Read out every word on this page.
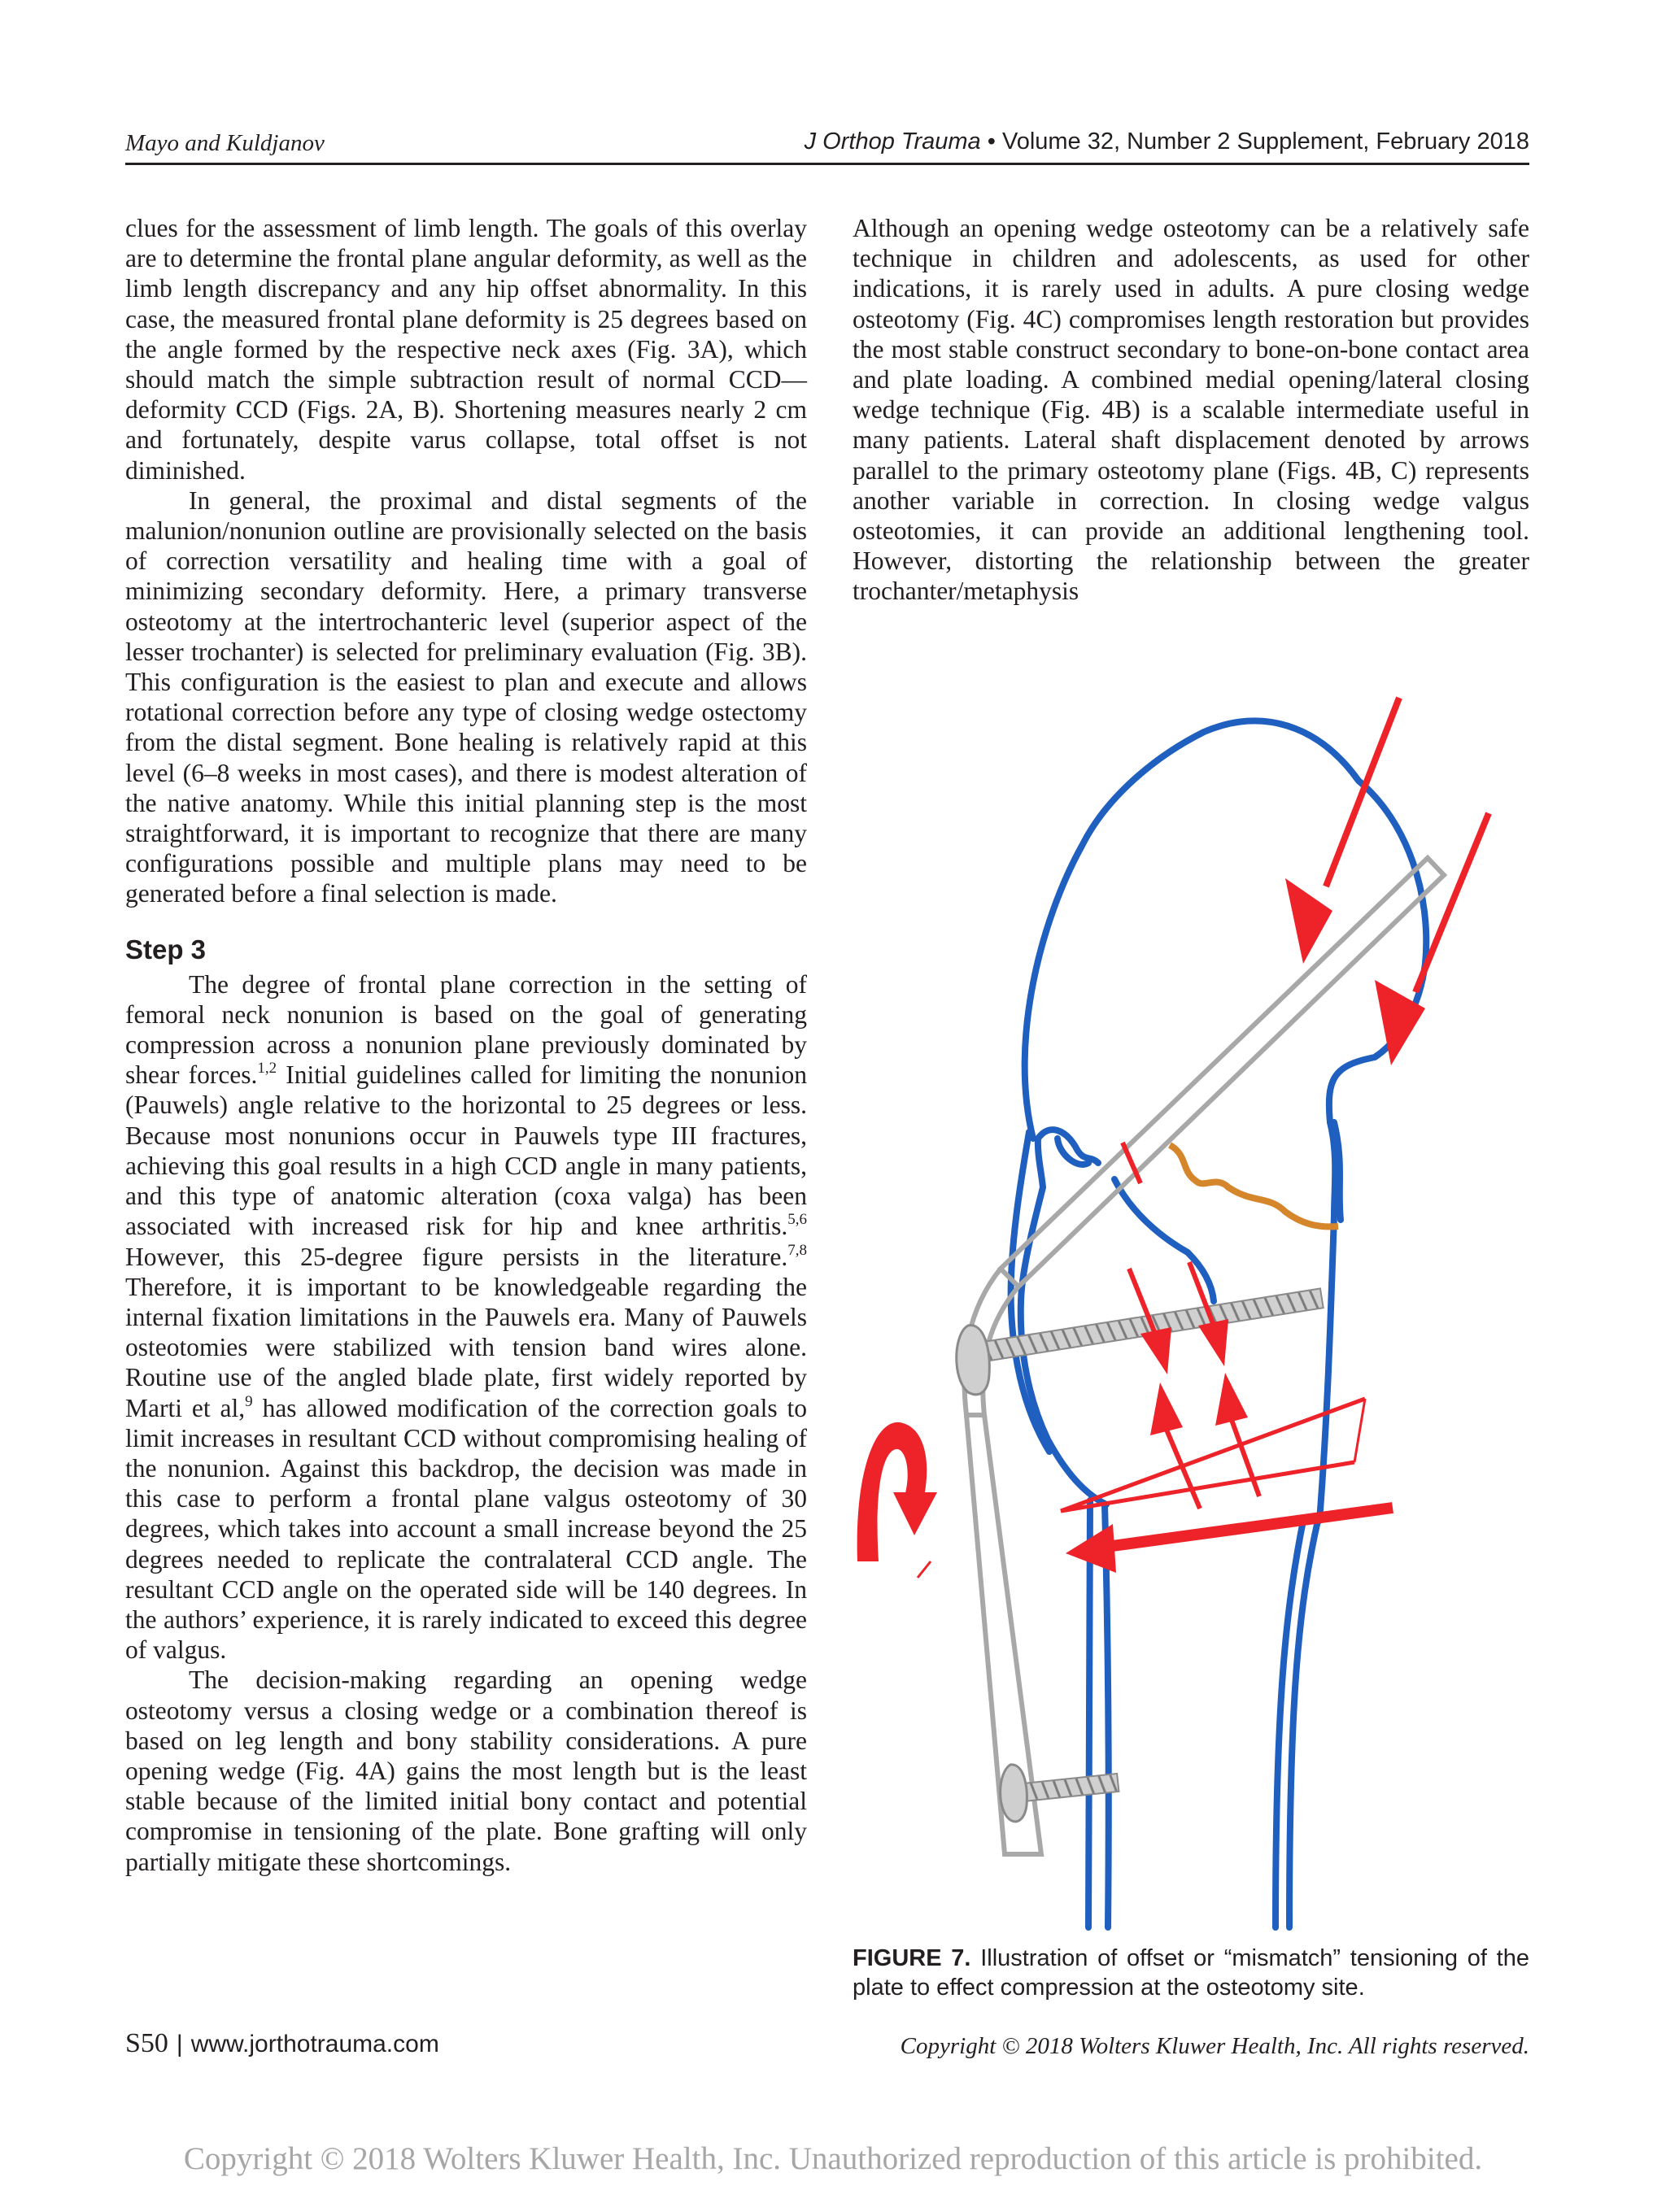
Mayo and Kuldjanov	J Orthop Trauma • Volume 32, Number 2 Supplement, February 2018

clues for the assessment of limb length. The goals of this overlay are to determine the frontal plane angular deformity, as well as the limb length discrepancy and any hip offset abnormality. In this case, the measured frontal plane deformity is 25 degrees based on the angle formed by the respective neck axes (Fig. 3A), which should match the simple subtraction result of normal CCD—deformity CCD (Figs. 2A, B). Shortening measures nearly 2 cm and fortunately, despite varus collapse, total offset is not diminished.

In general, the proximal and distal segments of the malunion/nonunion outline are provisionally selected on the basis of correction versatility and healing time with a goal of minimizing secondary deformity. Here, a primary transverse osteotomy at the intertrochanteric level (superior aspect of the lesser trochanter) is selected for preliminary evaluation (Fig. 3B). This configuration is the easiest to plan and execute and allows rotational correction before any type of closing wedge ostectomy from the distal segment. Bone healing is relatively rapid at this level (6–8 weeks in most cases), and there is modest alteration of the native anatomy. While this initial planning step is the most straightforward, it is important to recognize that there are many configurations possible and multiple plans may need to be generated before a final selection is made.

Step 3

The degree of frontal plane correction in the setting of femoral neck nonunion is based on the goal of generating compression across a nonunion plane previously dominated by shear forces.$^{1,2}$ Initial guidelines called for limiting the nonunion (Pauwels) angle relative to the horizontal to 25 degrees or less. Because most nonunions occur in Pauwels type III fractures, achieving this goal results in a high CCD angle in many patients, and this type of anatomic alteration (coxa valga) has been associated with increased risk for hip and knee arthritis.$^{5,6}$ However, this 25-degree figure persists in the literature.$^{7,8}$ Therefore, it is important to be knowledgeable regarding the internal fixation limitations in the Pauwels era. Many of Pauwels osteotomies were stabilized with tension band wires alone. Routine use of the angled blade plate, first widely reported by Marti et al,$^9$ has allowed modification of the correction goals to limit increases in resultant CCD without compromising healing of the nonunion. Against this backdrop, the decision was made in this case to perform a frontal plane valgus osteotomy of 30 degrees, which takes into account a small increase beyond the 25 degrees needed to replicate the contralateral CCD angle. The resultant CCD angle on the operated side will be 140 degrees. In the authors’ experience, it is rarely indicated to exceed this degree of valgus.

The decision-making regarding an opening wedge osteotomy versus a closing wedge or a combination thereof is based on leg length and bony stability considerations. A pure opening wedge (Fig. 4A) gains the most length but is the least stable because of the limited initial bony contact and potential compromise in tensioning of the plate. Bone grafting will only partially mitigate these shortcomings.

Although an opening wedge osteotomy can be a relatively safe technique in children and adolescents, as used for other indications, it is rarely used in adults. A pure closing wedge osteotomy (Fig. 4C) compromises length restoration but provides the most stable construct secondary to bone-on-bone contact area and plate loading. A combined medial opening/lateral closing wedge technique (Fig. 4B) is a scalable intermediate useful in many patients. Lateral shaft displacement denoted by arrows parallel to the primary osteotomy plane (Figs. 4B, C) represents another variable in correction. In closing wedge valgus osteotomies, it can provide an additional lengthening tool. However, distorting the relationship between the greater trochanter/metaphysis

FIGURE 7. Illustration of offset or “mismatch” tensioning of the plate to effect compression at the osteotomy site.
S50 | www.jorthotrauma.com	Copyright © 2018 Wolters Kluwer Health, Inc. All rights reserved.
Copyright © 2018 Wolters Kluwer Health, Inc. Unauthorized reproduction of this article is prohibited.
